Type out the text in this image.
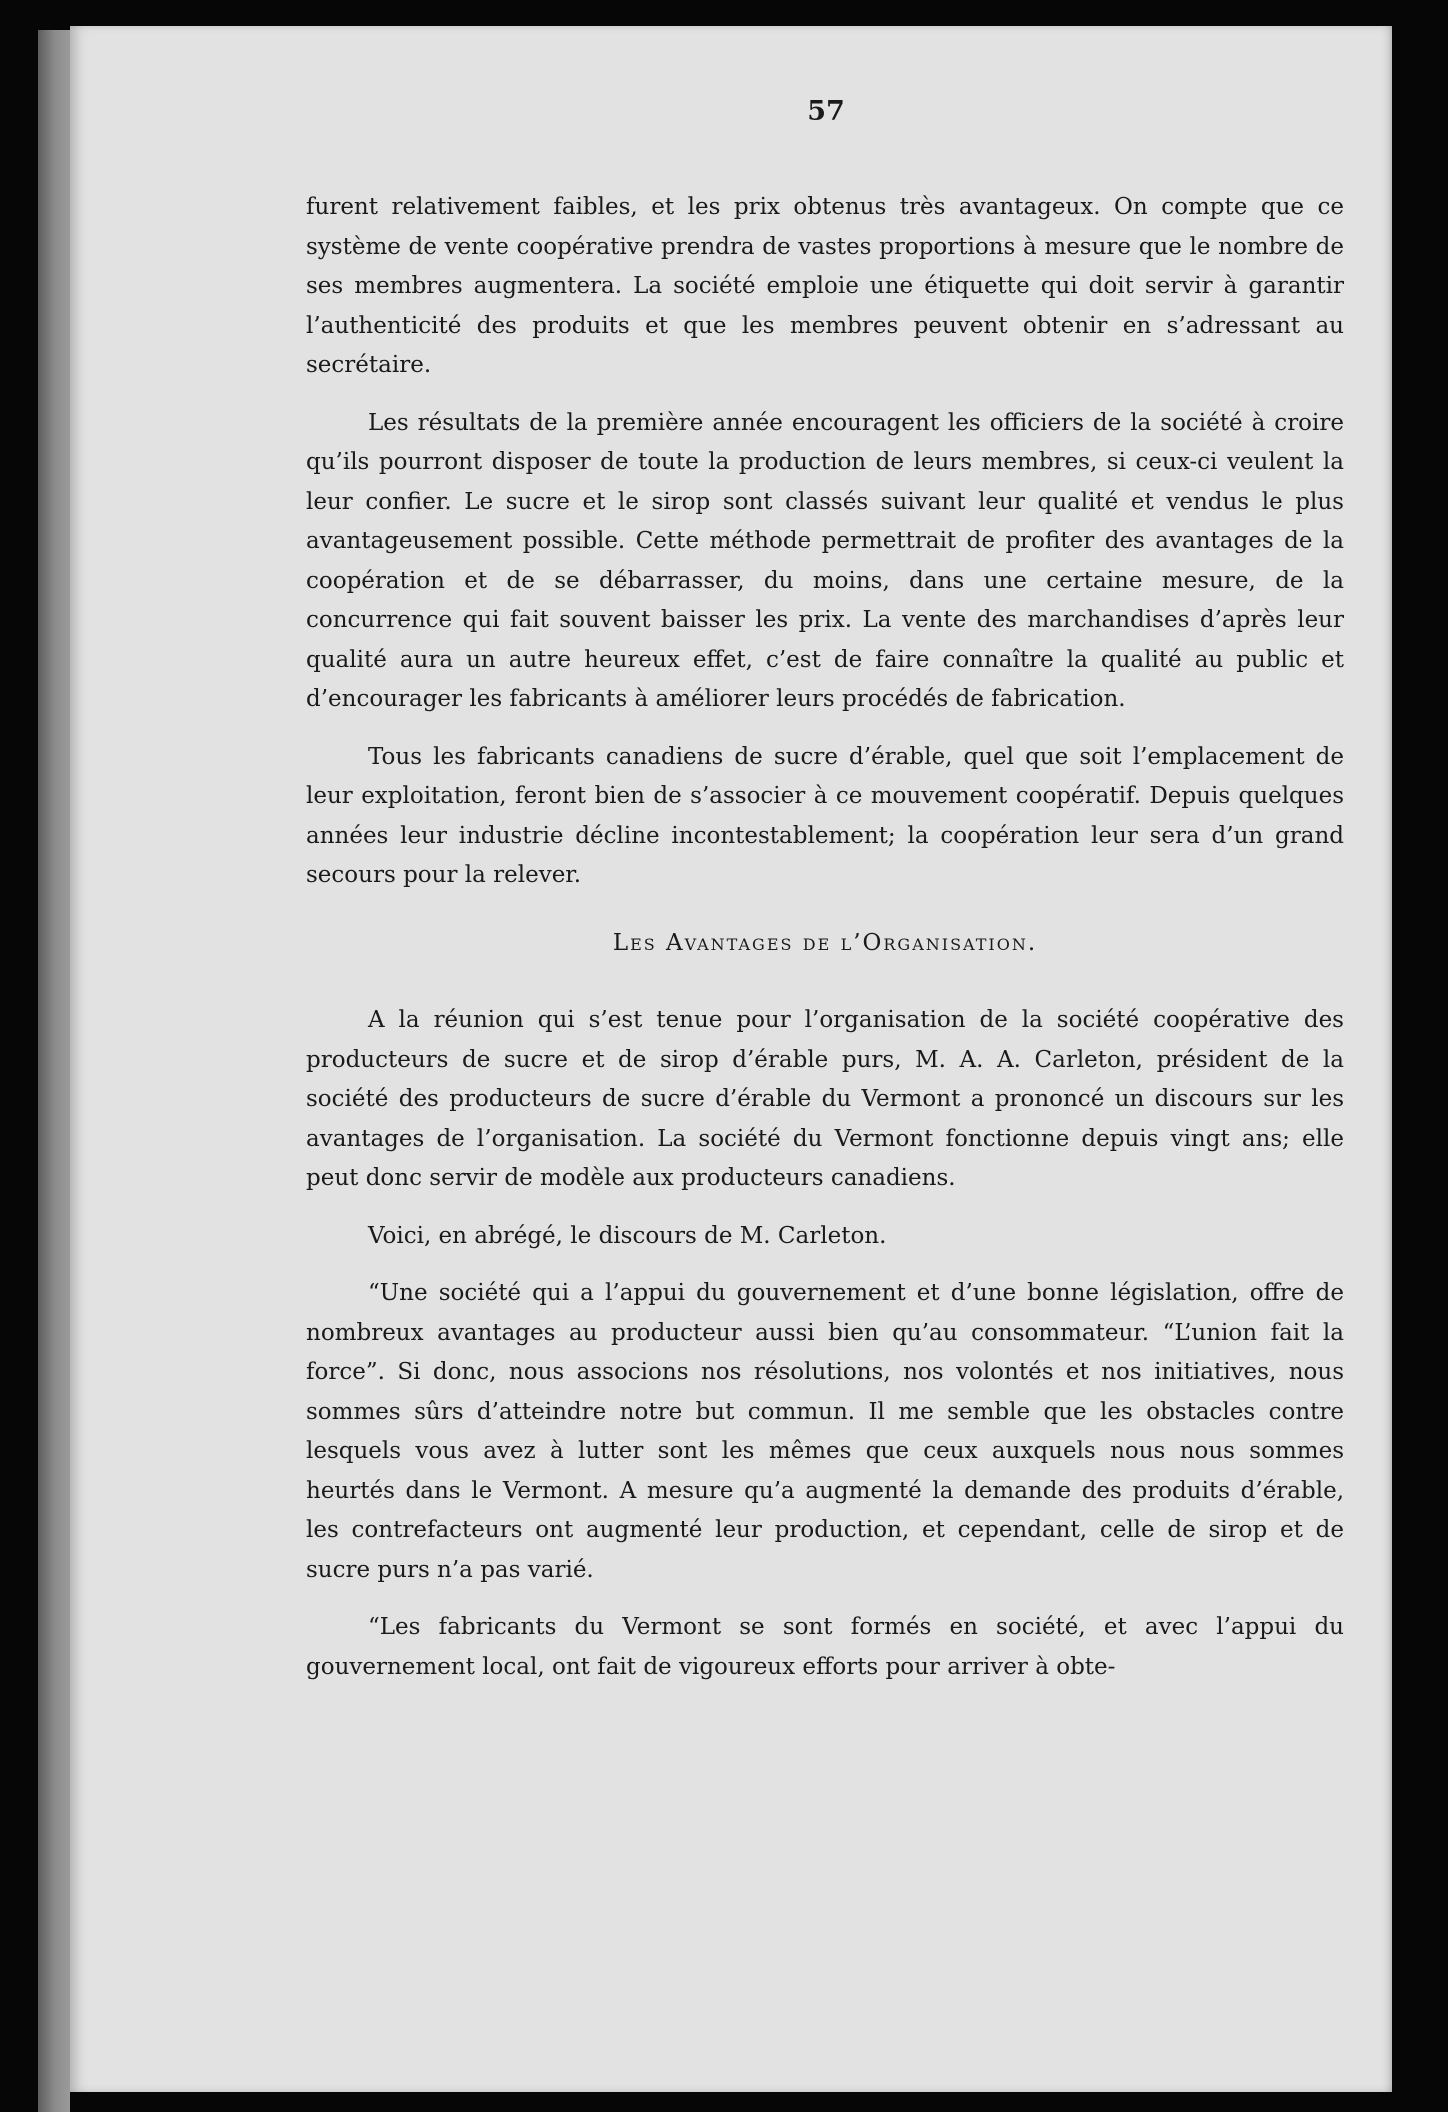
57

furent relativement faibles, et les prix obtenus très avantageux. On compte que ce système de vente coopérative prendra de vastes proportions à mesure que le nombre de ses membres augmentera. La société emploie une étiquette qui doit servir à garantir l’authenticité des produits et que les membres peuvent obtenir en s’adressant au secrétaire.

Les résultats de la première année encouragent les officiers de la société à croire qu’ils pourront disposer de toute la production de leurs membres, si ceux-ci veulent la leur confier. Le sucre et le sirop sont classés suivant leur qualité et vendus le plus avantageusement possible. Cette méthode permettrait de profiter des avantages de la coopération et de se débarrasser, du moins, dans une certaine mesure, de la concurrence qui fait souvent baisser les prix. La vente des marchandises d’après leur qualité aura un autre heureux effet, c’est de faire connaître la qualité au public et d’encourager les fabricants à améliorer leurs procédés de fabrication.

Tous les fabricants canadiens de sucre d’érable, quel que soit l’emplacement de leur exploitation, feront bien de s’associer à ce mouvement coopératif. Depuis quelques années leur industrie décline incontestablement; la coopération leur sera d’un grand secours pour la relever.

Les Avantages de l’Organisation.

A la réunion qui s’est tenue pour l’organisation de la société coopérative des producteurs de sucre et de sirop d’érable purs, M. A. A. Carleton, président de la société des producteurs de sucre d’érable du Vermont a prononcé un discours sur les avantages de l’organisation. La société du Vermont fonctionne depuis vingt ans; elle peut donc servir de modèle aux producteurs canadiens.

Voici, en abrégé, le discours de M. Carleton.

“Une société qui a l’appui du gouvernement et d’une bonne législation, offre de nombreux avantages au producteur aussi bien qu’au consommateur. “L’union fait la force”. Si donc, nous associons nos résolutions, nos volontés et nos initiatives, nous sommes sûrs d’atteindre notre but commun. Il me semble que les obstacles contre lesquels vous avez à lutter sont les mêmes que ceux auxquels nous nous sommes heurtés dans le Vermont. A mesure qu’a augmenté la demande des produits d’érable, les contrefacteurs ont augmenté leur production, et cependant, celle de sirop et de sucre purs n’a pas varié.

“Les fabricants du Vermont se sont formés en société, et avec l’appui du gouvernement local, ont fait de vigoureux efforts pour arriver à obte-
